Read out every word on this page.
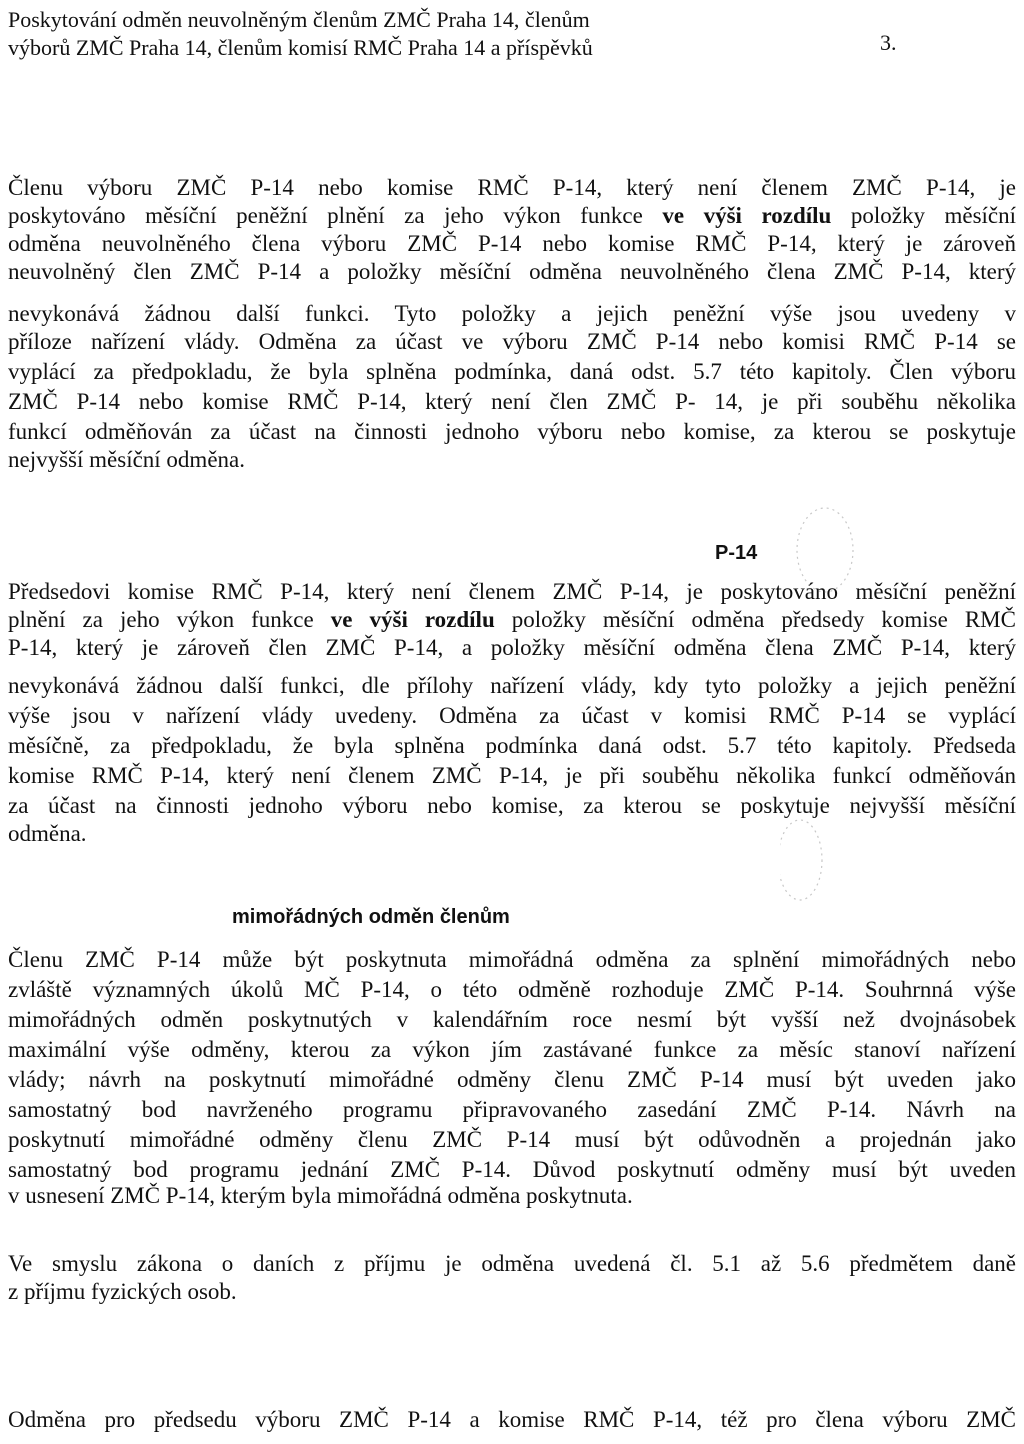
Poskytování odměn neuvolněným členům ZMČ Praha 14, členům
výborů ZMČ Praha 14, členům komisí RMČ Praha 14 a příspěvků	3.
Členu výboru ZMČ P-14 nebo komise RMČ P-14, který není členem ZMČ P-14, je
poskytováno měsíční peněžní plnění za jeho výkon funkce ve výši rozdílu položky měsíční
odměna neuvolněného člena výboru ZMČ P-14 nebo komise RMČ P-14, který je zároveň
neuvolněný člen ZMČ P-14 a položky měsíční odměna neuvolněného člena ZMČ P-14, který
nevykonává žádnou další funkci. Tyto položky a jejich peněžní výše jsou uvedeny v
příloze nařízení vlády. Odměna za účast ve výboru ZMČ P-14 nebo komisi RMČ P-14 se
vyplácí za předpokladu, že byla splněna podmínka, daná odst. 5.7 této kapitoly. Člen výboru
ZMČ P-14 nebo komise RMČ P-14, který není člen ZMČ P- 14, je při souběhu několika
funkcí odměňován za účast na činnosti jednoho výboru nebo komise, za kterou se poskytuje
nejvyšší měsíční odměna.
P-14
Předsedovi komise RMČ P-14, který není členem ZMČ P-14, je poskytováno měsíční peněžní
plnění za jeho výkon funkce ve výši rozdílu položky měsíční odměna předsedy komise RMČ
P-14, který je zároveň člen ZMČ P-14, a položky měsíční odměna člena ZMČ P-14, který
nevykonává žádnou další funkci, dle přílohy nařízení vlády, kdy tyto položky a jejich peněžní
výše jsou v nařízení vlády uvedeny. Odměna za účast v komisi RMČ P-14 se vyplácí
měsíčně, za předpokladu, že byla splněna podmínka daná odst. 5.7 této kapitoly. Předseda
komise RMČ P-14, který není členem ZMČ P-14, je při souběhu několika funkcí odměňován
za účast na činnosti jednoho výboru nebo komise, za kterou se poskytuje nejvyšší měsíční
odměna.
mimořádných odměn členům
Členu ZMČ P-14 může být poskytnuta mimořádná odměna za splnění mimořádných nebo
zvláště významných úkolů MČ P-14, o této odměně rozhoduje ZMČ P-14. Souhrnná výše
mimořádných odměn poskytnutých v kalendářním roce nesmí být vyšší než dvojnásobek
maximální výše odměny, kterou za výkon jím zastávané funkce za měsíc stanoví nařízení
vlády; návrh na poskytnutí mimořádné odměny členu ZMČ P-14 musí být uveden jako
samostatný bod navrženého programu připravovaného zasedání ZMČ P-14. Návrh na
poskytnutí mimořádné odměny členu ZMČ P-14 musí být odůvodněn a projednán jako
samostatný bod programu jednání ZMČ P-14. Důvod poskytnutí odměny musí být uveden
v usnesení ZMČ P-14, kterým byla mimořádná odměna poskytnuta.
Ve smyslu zákona o daních z příjmu je odměna uvedená čl. 5.1 až 5.6 předmětem daně
z příjmu fyzických osob.
Odměna pro předsedu výboru ZMČ P-14 a komise RMČ P-14, též pro člena výboru ZMČ
